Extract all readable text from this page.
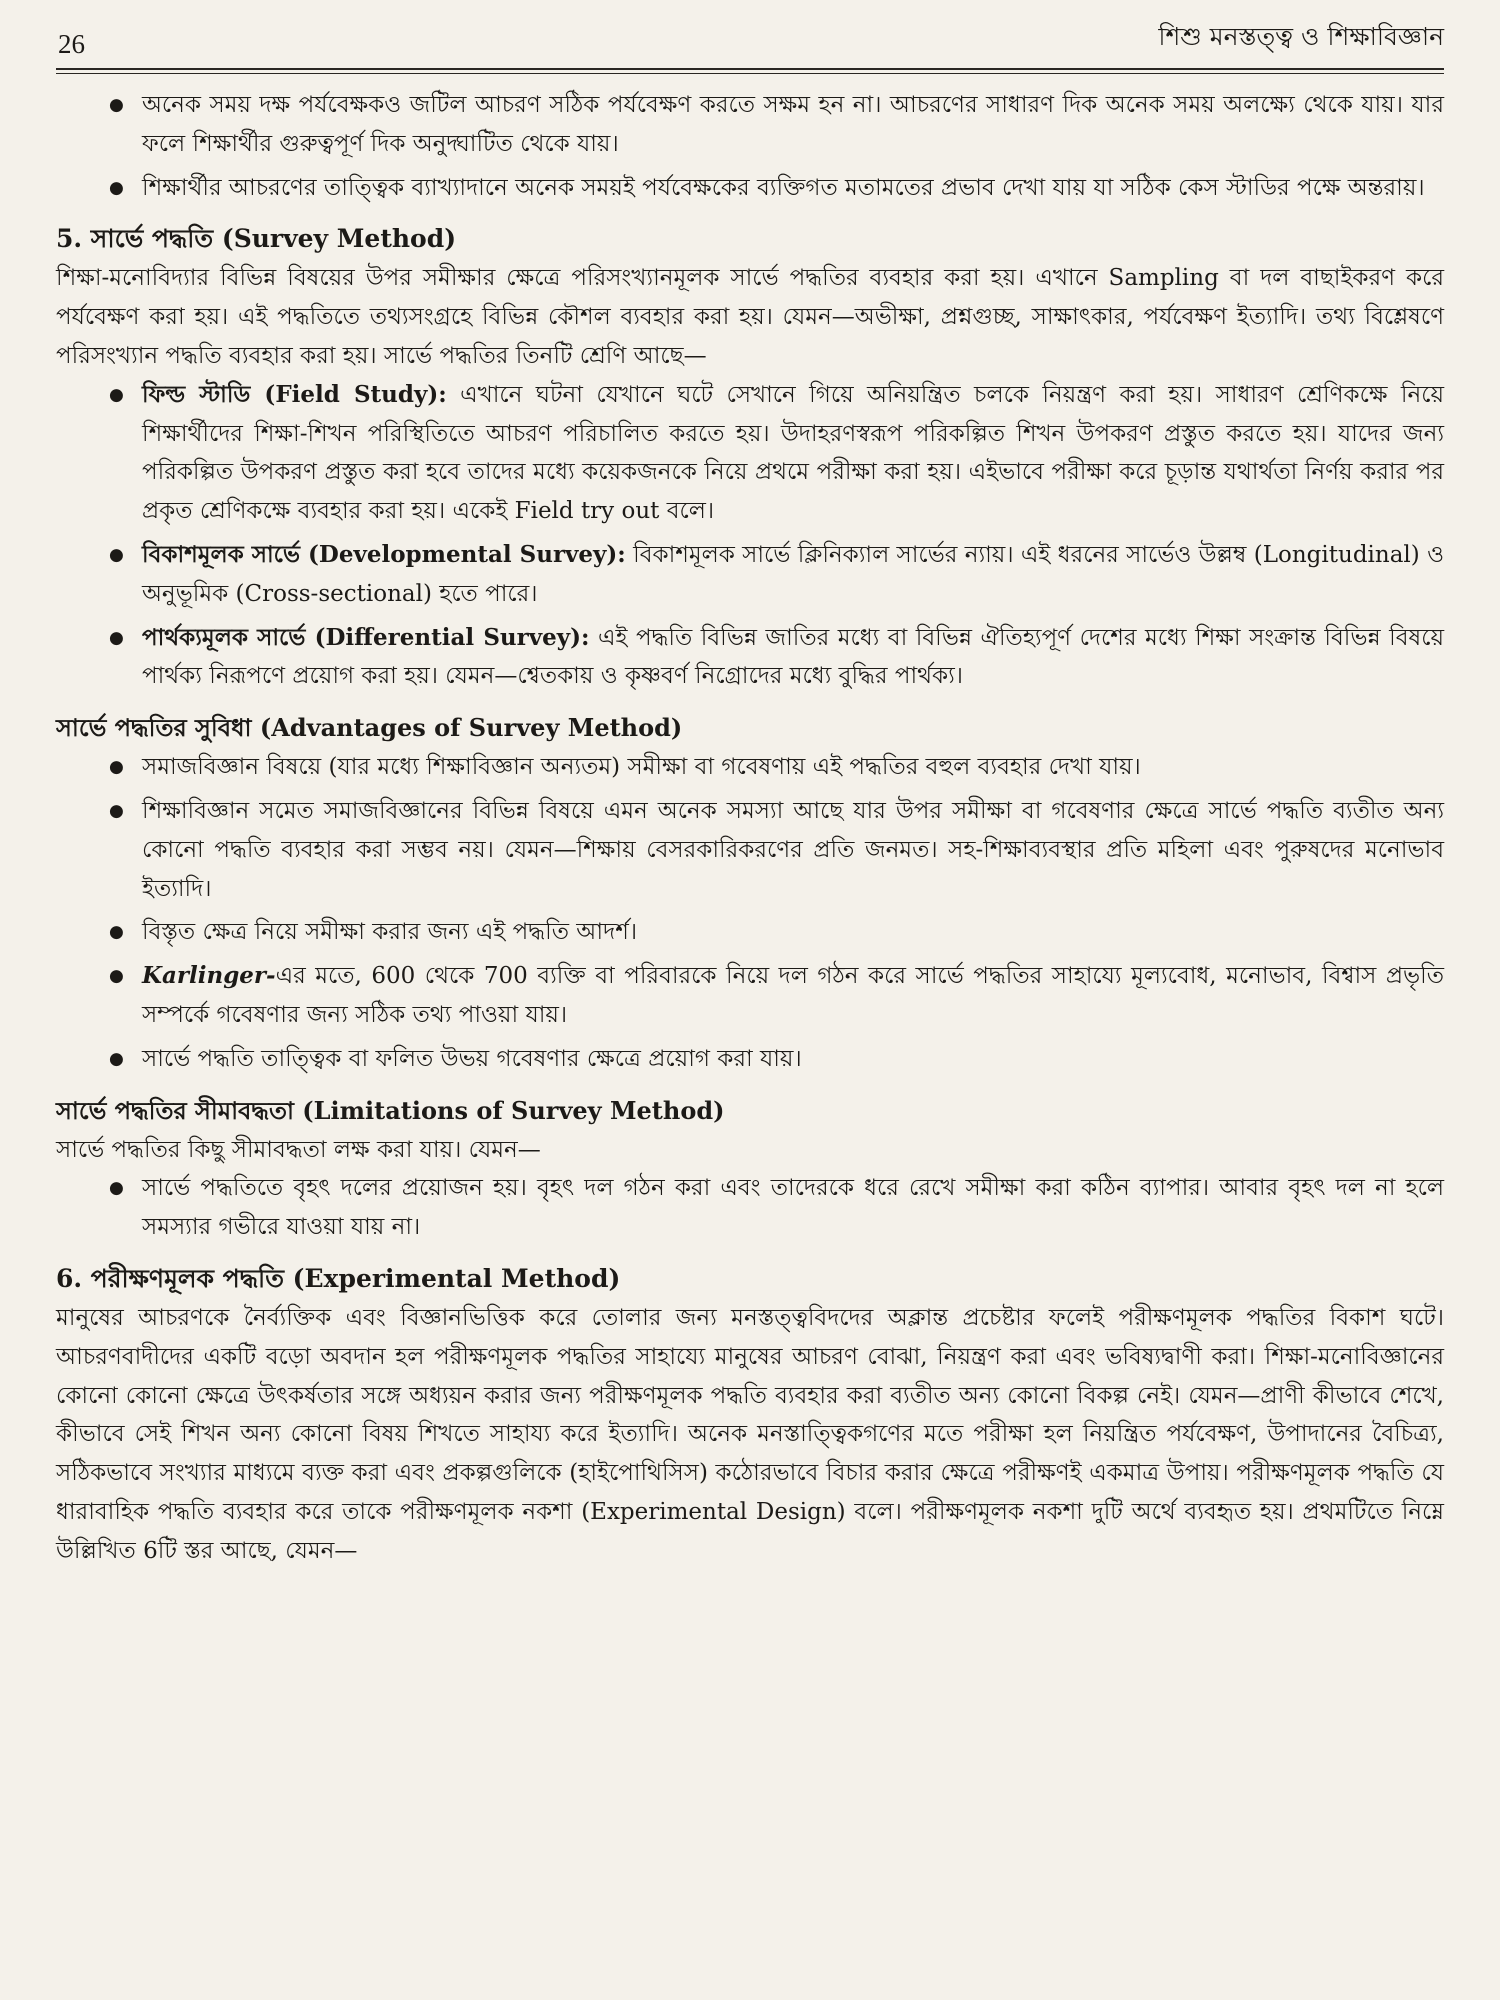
26	শিশু মনস্তত্ত্ব ও শিক্ষাবিজ্ঞান
● অনেক সময় দক্ষ পর্যবেক্ষকও জটিল আচরণ সঠিক পর্যবেক্ষণ করতে সক্ষম হন না। আচরণের সাধারণ দিক অনেক সময় অলক্ষ্যে থেকে যায়। যার ফলে শিক্ষার্থীর গুরুত্বপূর্ণ দিক অনুদ্ঘাটিত থেকে যায়।
● শিক্ষার্থীর আচরণের তাত্ত্বিক ব্যাখ্যাদানে অনেক সময়ই পর্যবেক্ষকের ব্যক্তিগত মতামতের প্রভাব দেখা যায় যা সঠিক কেস স্টাডির পক্ষে অন্তরায়।
5. সার্ভে পদ্ধতি (Survey Method)

শিক্ষা-মনোবিদ্যার বিভিন্ন বিষয়ের উপর সমীক্ষার ক্ষেত্রে পরিসংখ্যানমূলক সার্ভে পদ্ধতির ব্যবহার করা হয়। এখানে Sampling বা দল বাছাইকরণ করে পর্যবেক্ষণ করা হয়। এই পদ্ধতিতে তথ্যসংগ্রহে বিভিন্ন কৌশল ব্যবহার করা হয়। যেমন—অভীক্ষা, প্রশ্নগুচ্ছ, সাক্ষাৎকার, পর্যবেক্ষণ ইত্যাদি। তথ্য বিশ্লেষণে পরিসংখ্যান পদ্ধতি ব্যবহার করা হয়। সার্ভে পদ্ধতির তিনটি শ্রেণি আছে—

● ফিল্ড স্টাডি (Field Study): এখানে ঘটনা যেখানে ঘটে সেখানে গিয়ে অনিয়ন্ত্রিত চলকে নিয়ন্ত্রণ করা হয়। সাধারণ শ্রেণিকক্ষে নিয়ে শিক্ষার্থীদের শিক্ষা-শিখন পরিস্থিতিতে আচরণ পরিচালিত করতে হয়। উদাহরণস্বরূপ পরিকল্পিত শিখন উপকরণ প্রস্তুত করতে হয়। যাদের জন্য পরিকল্পিত উপকরণ প্রস্তুত করা হবে তাদের মধ্যে কয়েকজনকে নিয়ে প্রথমে পরীক্ষা করা হয়। এইভাবে পরীক্ষা করে চূড়ান্ত যথার্থতা নির্ণয় করার পর প্রকৃত শ্রেণিকক্ষে ব্যবহার করা হয়। একেই Field try out বলে।
● বিকাশমূলক সার্ভে (Developmental Survey): বিকাশমূলক সার্ভে ক্লিনিক্যাল সার্ভের ন্যায়। এই ধরনের সার্ভেও উল্লম্ব (Longitudinal) ও অনুভূমিক (Cross-sectional) হতে পারে।
● পার্থক্যমূলক সার্ভে (Differential Survey): এই পদ্ধতি বিভিন্ন জাতির মধ্যে বা বিভিন্ন ঐতিহ্যপূর্ণ দেশের মধ্যে শিক্ষা সংক্রান্ত বিভিন্ন বিষয়ে পার্থক্য নিরূপণে প্রয়োগ করা হয়। যেমন—শ্বেতকায় ও কৃষ্ণবর্ণ নিগ্রোদের মধ্যে বুদ্ধির পার্থক্য।
সার্ভে পদ্ধতির সুবিধা (Advantages of Survey Method)
● সমাজবিজ্ঞান বিষয়ে (যার মধ্যে শিক্ষাবিজ্ঞান অন্যতম) সমীক্ষা বা গবেষণায় এই পদ্ধতির বহুল ব্যবহার দেখা যায়।
● শিক্ষাবিজ্ঞান সমেত সমাজবিজ্ঞানের বিভিন্ন বিষয়ে এমন অনেক সমস্যা আছে যার উপর সমীক্ষা বা গবেষণার ক্ষেত্রে সার্ভে পদ্ধতি ব্যতীত অন্য কোনো পদ্ধতি ব্যবহার করা সম্ভব নয়। যেমন—শিক্ষায় বেসরকারিকরণের প্রতি জনমত। সহ-শিক্ষাব্যবস্থার প্রতি মহিলা এবং পুরুষদের মনোভাব ইত্যাদি।
● বিস্তৃত ক্ষেত্র নিয়ে সমীক্ষা করার জন্য এই পদ্ধতি আদর্শ।
● Karlinger-এর মতে, 600 থেকে 700 ব্যক্তি বা পরিবারকে নিয়ে দল গঠন করে সার্ভে পদ্ধতির সাহায্যে মূল্যবোধ, মনোভাব, বিশ্বাস প্রভৃতি সম্পর্কে গবেষণার জন্য সঠিক তথ্য পাওয়া যায়।
● সার্ভে পদ্ধতি তাত্ত্বিক বা ফলিত উভয় গবেষণার ক্ষেত্রে প্রয়োগ করা যায়।
সার্ভে পদ্ধতির সীমাবদ্ধতা (Limitations of Survey Method)

সার্ভে পদ্ধতির কিছু সীমাবদ্ধতা লক্ষ করা যায়। যেমন—

● সার্ভে পদ্ধতিতে বৃহৎ দলের প্রয়োজন হয়। বৃহৎ দল গঠন করা এবং তাদেরকে ধরে রেখে সমীক্ষা করা কঠিন ব্যাপার। আবার বৃহৎ দল না হলে সমস্যার গভীরে যাওয়া যায় না।
6. পরীক্ষণমূলক পদ্ধতি (Experimental Method)

মানুষের আচরণকে নৈর্ব্যক্তিক এবং বিজ্ঞানভিত্তিক করে তোলার জন্য মনস্তত্ত্ববিদদের অক্লান্ত প্রচেষ্টার ফলেই পরীক্ষণমূলক পদ্ধতির বিকাশ ঘটে। আচরণবাদীদের একটি বড়ো অবদান হল পরীক্ষণমূলক পদ্ধতির সাহায্যে মানুষের আচরণ বোঝা, নিয়ন্ত্রণ করা এবং ভবিষ্যদ্বাণী করা। শিক্ষা-মনোবিজ্ঞানের কোনো কোনো ক্ষেত্রে উৎকর্ষতার সঙ্গে অধ্যয়ন করার জন্য পরীক্ষণমূলক পদ্ধতি ব্যবহার করা ব্যতীত অন্য কোনো বিকল্প নেই। যেমন—প্রাণী কীভাবে শেখে, কীভাবে সেই শিখন অন্য কোনো বিষয় শিখতে সাহায্য করে ইত্যাদি। অনেক মনস্তাত্ত্বিকগণের মতে পরীক্ষা হল নিয়ন্ত্রিত পর্যবেক্ষণ, উপাদানের বৈচিত্র্য, সঠিকভাবে সংখ্যার মাধ্যমে ব্যক্ত করা এবং প্রকল্পগুলিকে (হাইপোথিসিস) কঠোরভাবে বিচার করার ক্ষেত্রে পরীক্ষণই একমাত্র উপায়। পরীক্ষণমূলক পদ্ধতি যে ধারাবাহিক পদ্ধতি ব্যবহার করে তাকে পরীক্ষণমূলক নকশা (Experimental Design) বলে। পরীক্ষণমূলক নকশা দুটি অর্থে ব্যবহৃত হয়। প্রথমটিতে নিম্নে উল্লিখিত 6টি স্তর আছে, যেমন—
